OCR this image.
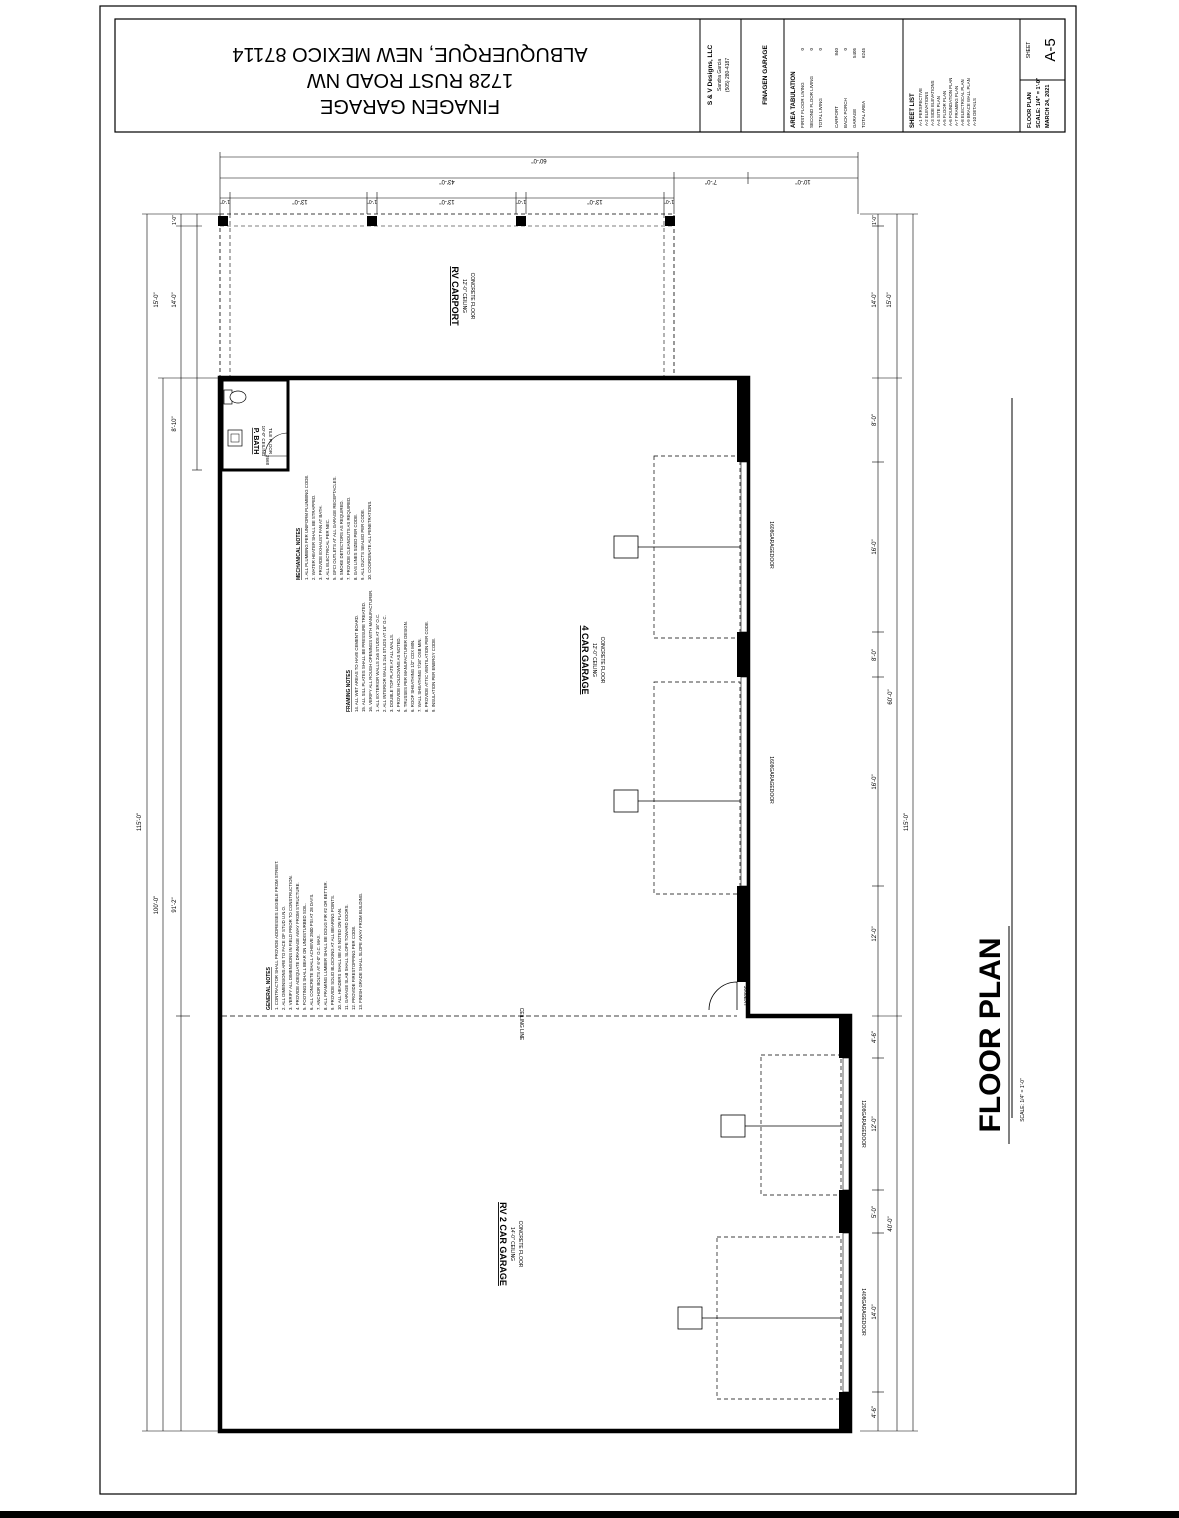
FINAGEN GARAGE
1728 RUST ROAD NW
ALBUQUERQUE, NEW MEXICO 87114	S & V Designs, LLC Sandra Garcia (505) 280-4187	FINAGEN GARAGE	AREA TABULATION FIRST FLOOR LIVING
0
SECOND FLOOR LIVING
0
TOTAL LIVING
0
CARPORT
840
BACK PORCH
0
GARAGE
5405
TOTAL AREA
6245
SHEET LIST A-1 PERSPECTIVE A-2 ELEVATIONS A-3 SIDE ELEVATIONS A-4 SITE PLAN A-5 FLOOR PLAN A-6 FOUNDATION PLAN A-7 FRAMING PLAN A-8 ELECTRICAL PLAN A-9 BRACE WALL PLAN A-10 DETAILS	FLOOR PLAN SCALE: 1/4" = 1'-0" MARCH 24, 2021
SHEET A-5
1608GARAGEDOOR
1608GARAGEDOOR
1208GARAGEDOOR
1408GARAGEDOOR
3068EXT
CEILING LINE
P. BATH 10'-0" CEILING TILE FLOOR
2668
RV CARPORT 12'-0" CEILING CONCRETE FLOOR
4 CAR GARAGE 12'-0" CEILING CONCRETE FLOOR
RV 2 CAR GARAGE 14'-0" CEILING CONCRETE FLOOR
GENERAL NOTES 1. CONTRACTOR SHALL PROVIDE ADDRESSES LEGIBLE FROM STREET. 2. ALL DIMENSIONS ARE TO FACE OF STUD U.N.O. 3. VERIFY ALL DIMENSIONS IN FIELD PRIOR TO CONSTRUCTION. 4. PROVIDE ADEQUATE DRAINAGE AWAY FROM STRUCTURE. 5. FOOTINGS SHALL BEAR ON UNDISTURBED SOIL. 6. ALL CONCRETE SHALL ACHIEVE 2500 PSI AT 28 DAYS. 7. ANCHOR BOLTS AT 6'-0" O.C. MAX. 8. ALL FRAMING LUMBER SHALL BE DOUG FIR #2 OR BETTER. 9. PROVIDE SOLID BLOCKING AT ALL BEARING POINTS. 10. ALL HEADERS SHALL BE AS NOTED ON PLAN. 11. GARAGE SLAB SHALL SLOPE TOWARD DOORS. 12. PROVIDE FIRESTOPPING PER CODE. 13. FINISH GRADE SHALL SLOPE AWAY FROM BUILDING.
FRAMING NOTES 14. ALL WET AREAS TO HAVE CEMENT BOARD. 15. ALL SILL PLATES SHALL BE PRESSURE TREATED. 16. VERIFY ALL ROUGH OPENINGS WITH MANUFACTURER. 1. ALL EXTERIOR WALLS 2x6 STUDS AT 16" O.C. 2. ALL INTERIOR WALLS 2x4 STUDS AT 16" O.C. 3. DOUBLE TOP PLATE AT ALL WALLS. 4. PROVIDE HOLDOWNS AS NOTED. 5. TRUSSES PER MANUFACTURER DESIGN. 6. ROOF SHEATHING 1/2" CDX MIN. 7. WALL SHEATHING 7/16" OSB MIN. 8. PROVIDE ATTIC VENTILATION PER CODE. 9. INSULATION PER ENERGY CODE.
MECHANICAL NOTES 1. ALL PLUMBING PER UNIFORM PLUMBING CODE. 2. WATER HEATER SHALL BE STRAPPED. 3. PROVIDE EXHAUST FAN AT BATH. 4. ALL ELECTRICAL PER NEC. 5. GFCI OUTLETS AT ALL GARAGE RECEPTACLES. 6. SMOKE DETECTORS AS REQUIRED. 7. PROVIDE CLEANOUTS AS REQUIRED. 8. GAS LINES SIZED PER CODE. 9. ALL DUCTS SEALED PER CODE. 10. COORDINATE ALL PENETRATIONS.
60'-0"
43'-0"	7'-0"	10'-0"
13'-0"	13'-0"	13'-0"
1'-0"	1'-0"	1'-0"	1'-0"
115'-0"
100'-0" 91'-2"
15'-0" 14'-0"
8'-10"
1'-0"
115'-0"
60'-0"
40'-0"
1'-0"
14'-0"
8'-0"
16'-0"
8'-0"
16'-0"
12'-0"
4'-6"
12'-0"
5'-0"
14'-0"
4'-6"
15'-0"
FLOOR PLAN	SCALE: 1/4" = 1'-0"
